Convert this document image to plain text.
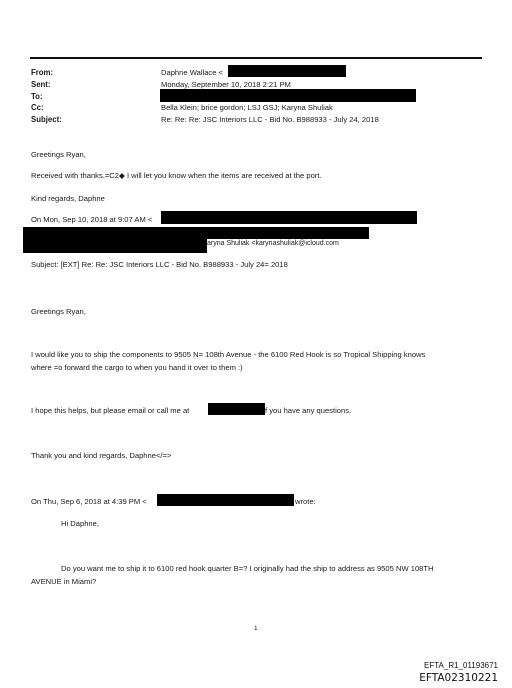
From:
Sent:
To:
Cc:
Subject:
Daphne Wallace <
Monday, September 10, 2018 2:21 PM
Bella Klein; brice gordon; LSJ GSJ; Karyna Shuliak
Re: Re: Re: JSC Interiors LLC - Bid No. B988933 - July 24, 2018
Greetings Ryan,
Received with thanks.=C2◆ I will let you know when the items are received at the port.
Kind regards, Daphne
On Mon, Sep 10, 2018 at 9:07 AM <
aryna Shuliak <karynashuliak@icloud.com
Subject: [EXT] Re: Re: JSC Interiors LLC - Bid No. B988933 - July 24= 2018
Greetings Ryan,
I would like you to ship the components to 9505 N= 108th Avenue - the 6100 Red Hook is so Tropical Shipping knows
where =o forward the cargo to when you hand it over to them :)
I hope this helps, but please email or call me at	f you have any questions.
Thank you and kind regards, Daphne</=>
On Thu, Sep 6, 2018 at 4:39 PM <	wrote:
Hi Daphne,
Do you want me to ship it to 6100 red hook quarter B=? I originally had the ship to address as 9505 NW 108TH
AVENUE in Miami?
1
EFTA_R1_01193671
EFTA02310221
